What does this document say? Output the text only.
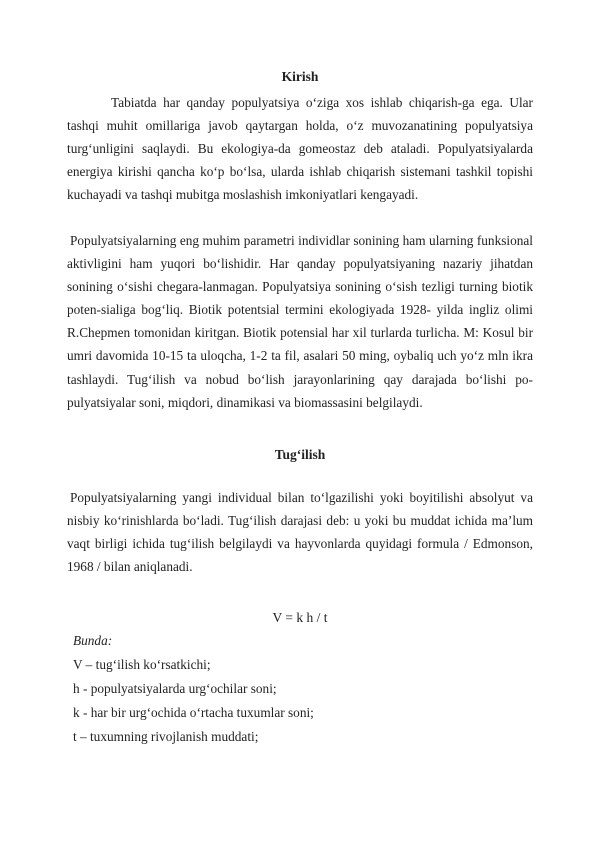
Kirish

Tabiatda har qanday populyatsiya o‘ziga xos ishlab chiqarish-ga ega. Ular tashqi muhit omillariga javob qaytargan holda, o‘z muvozanatining populyatsiya turg‘unligini saqlaydi. Bu ekologiya-da gomeostaz deb ataladi. Populyatsiyalarda energiya kirishi qancha ko‘p bo‘lsa, ularda ishlab chiqarish sistemani tashkil topishi kuchayadi va tashqi mubitga moslashish imkoniyatlari kengayadi.

Populyatsiyalarning eng muhim parametri individlar sonining ham ularning funksional aktivligini ham yuqori bo‘lishidir. Har qanday populyatsiyaning nazariy jihatdan sonining o‘sishi chegara-lanmagan. Populyatsiya sonining o‘sish tezligi turning biotik poten-sialiga bog‘liq. Biotik potentsial termini ekologiyada 1928- yilda ingliz olimi R.Chepmen tomonidan kiritgan. Biotik potensial har xil turlarda turlicha. M: Kosul bir umri davomida 10-15 ta uloqcha, 1-2 ta fil, asalari 50 ming, oybaliq uch yo‘z mln ikra tashlaydi. Tug‘ilish va nobud bo‘lish jarayonlarining qay darajada bo‘lishi po-pulyatsiyalar soni, miqdori, dinamikasi va biomassasini belgilaydi.

Tug‘ilish

Populyatsiyalarning yangi individual bilan to‘lgazilishi yoki boyitilishi absolyut va nisbiy ko‘rinishlarda bo‘ladi. Tug‘ilish darajasi deb: u yoki bu muddat ichida ma’lum vaqt birligi ichida tug‘ilish belgilaydi va hayvonlarda quyidagi formula / Edmonson, 1968 / bilan aniqlanadi.

V = k h / t

Bunda:

V – tug‘ilish ko‘rsatkichi;

h - populyatsiyalarda urg‘ochilar soni;

k - har bir urg‘ochida o‘rtacha tuxumlar soni;

t – tuxumning rivojlanish muddati;
